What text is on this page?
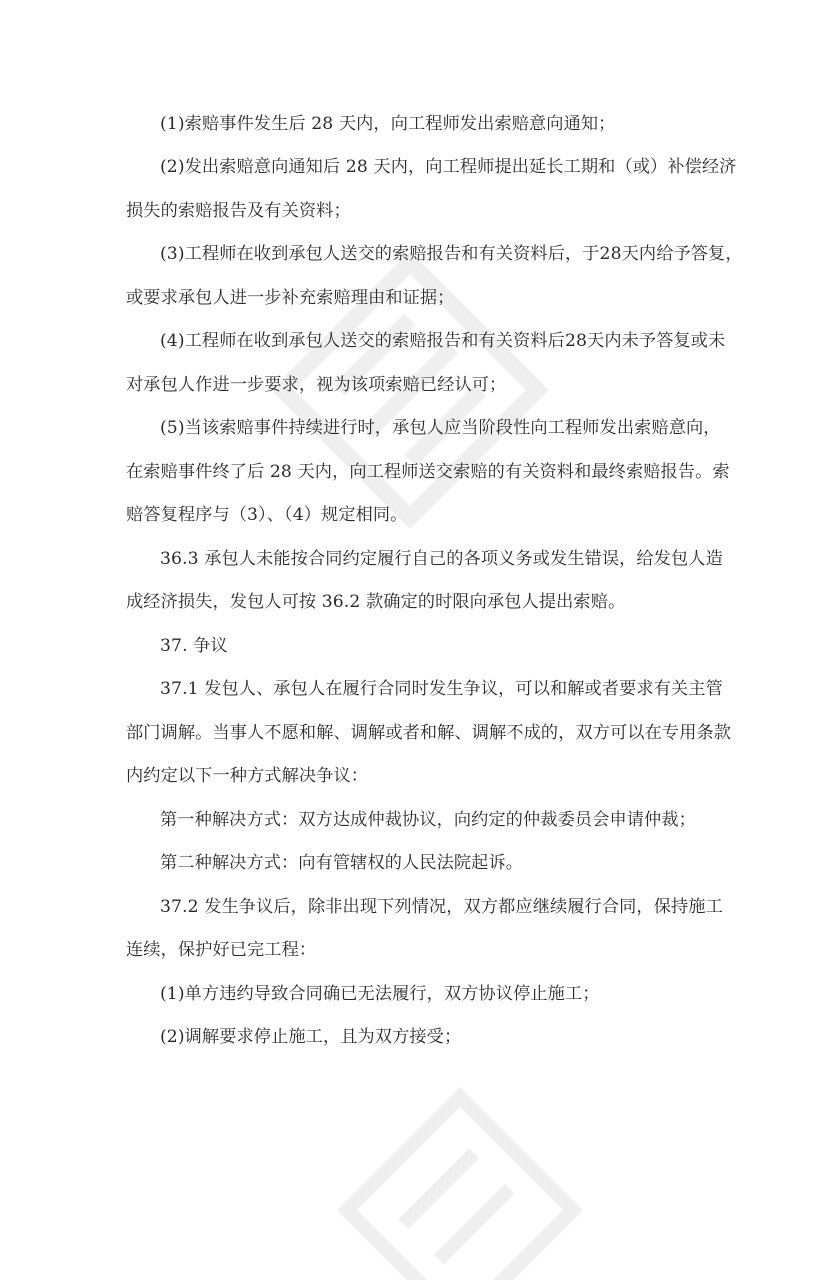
(1)索赔事件发生后 28 天内，向工程师发出索赔意向通知；
(2)发出索赔意向通知后 28 天内，向工程师提出延长工期和（或）补偿经济
损失的索赔报告及有关资料；
(3)工程师在收到承包人送交的索赔报告和有关资料后，于28天内给予答复，
或要求承包人进一步补充索赔理由和证据；
(4)工程师在收到承包人送交的索赔报告和有关资料后28天内未予答复或未
对承包人作进一步要求，视为该项索赔已经认可；
(5)当该索赔事件持续进行时，承包人应当阶段性向工程师发出索赔意向，
在索赔事件终了后 28 天内，向工程师送交索赔的有关资料和最终索赔报告。索
赔答复程序与（3）、（4）规定相同。
36.3 承包人未能按合同约定履行自己的各项义务或发生错误，给发包人造
成经济损失，发包人可按 36.2 款确定的时限向承包人提出索赔。
37. 争议
37.1 发包人、承包人在履行合同时发生争议，可以和解或者要求有关主管
部门调解。当事人不愿和解、调解或者和解、调解不成的，双方可以在专用条款
内约定以下一种方式解决争议：
第一种解决方式：双方达成仲裁协议，向约定的仲裁委员会申请仲裁；
第二种解决方式：向有管辖权的人民法院起诉。
37.2 发生争议后，除非出现下列情况，双方都应继续履行合同，保持施工
连续，保护好已完工程：
(1)单方违约导致合同确已无法履行，双方协议停止施工；
(2)调解要求停止施工，且为双方接受；
